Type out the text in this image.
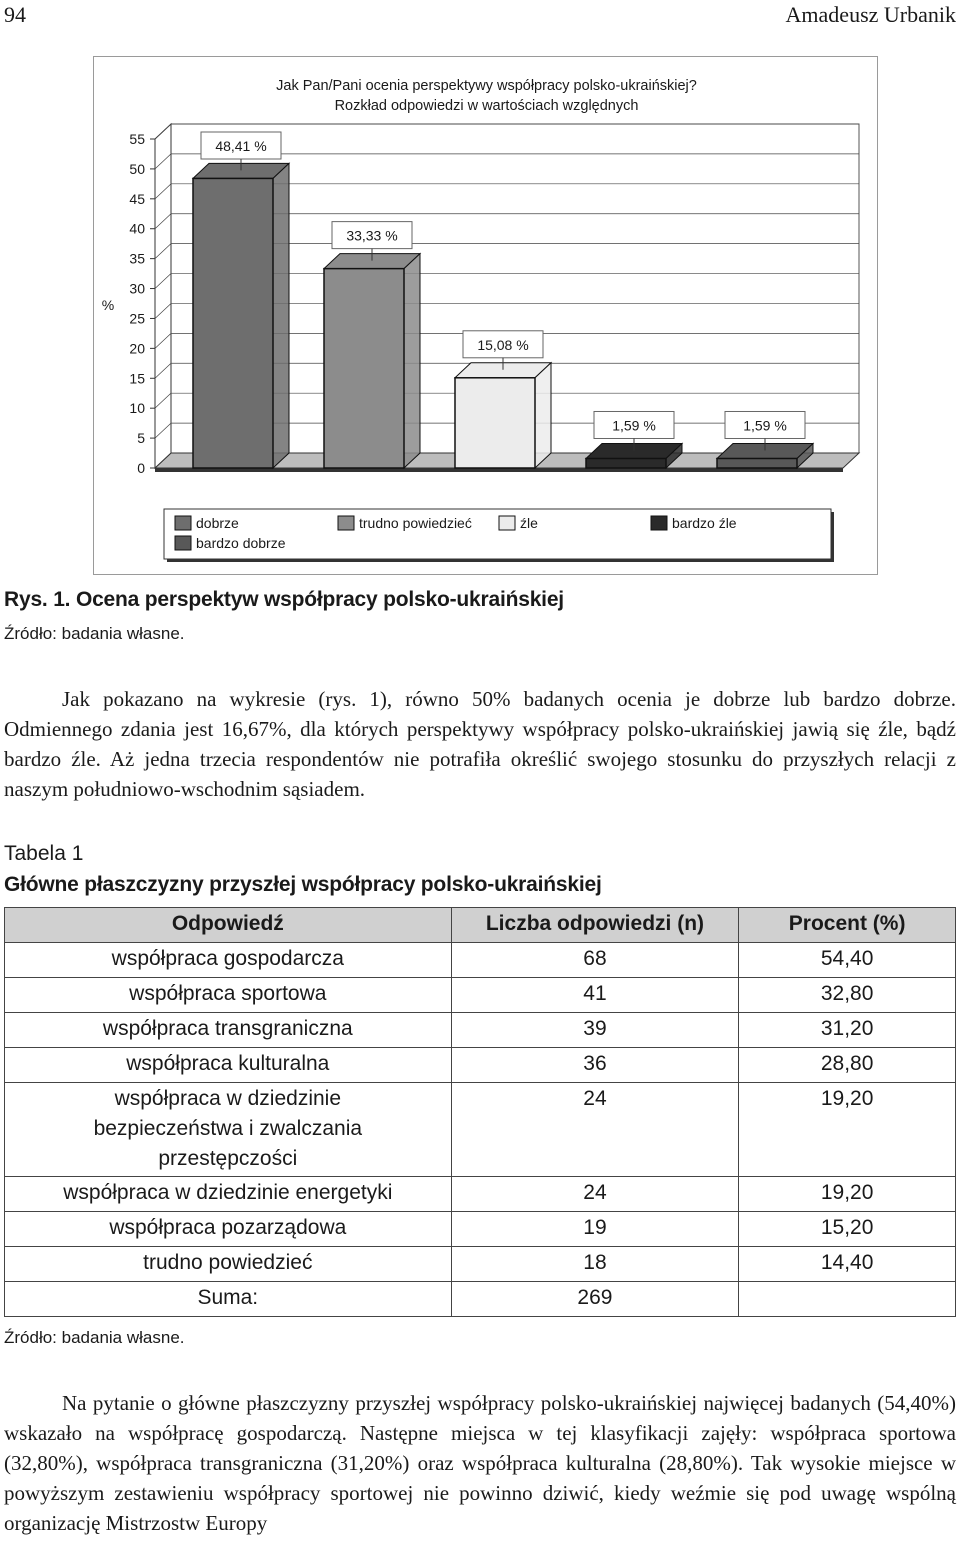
94	Amadeusz Urbanik
Jak Pan/Pani ocenia perspektywy współpracy polsko-ukraińskiej?
Rozkład odpowiedzi w wartościach względnych
0
5
10
15
20
25
30
35
40
45
50
55
%
48,41 %
33,33 %
15,08 %
1,59 %	1,59 %
dobrze	trudno powiedzieć	źle	bardzo źle
bardzo dobrze
Rys. 1. Ocena perspektyw współpracy polsko-ukraińskiej
Źródło: badania własne.

Jak pokazano na wykresie (rys. 1), równo 50% badanych ocenia je dobrze lub bardzo dobrze. Odmiennego zdania jest 16,67%, dla których perspektywy współpracy polsko-ukraińskiej jawią się źle, bądź bardzo źle. Aż jedna trzecia respondentów nie potrafiła określić swojego stosunku do przyszłych relacji z naszym południowo-wschodnim sąsiadem.

Tabela 1
Główne płaszczyzny przyszłej współpracy polsko-ukraińskiej
Odpowiedź	Liczba odpowiedzi (n)	Procent (%)
współpraca gospodarcza	68	54,40
współpraca sportowa	41	32,80
współpraca transgraniczna	39	31,20
współpraca kulturalna	36	28,80
współpraca w dziedzinie bezpieczeństwa i zwalczania przestępczości	24	19,20
współpraca w dziedzinie energetyki	24	19,20
współpraca pozarządowa	19	15,20
trudno powiedzieć	18	14,40
Suma:	269	
Źródło: badania własne.

Na pytanie o główne płaszczyzny przyszłej współpracy polsko-ukraińskiej najwięcej badanych (54,40%) wskazało na współpracę gospodarczą. Następne miejsca w tej klasyfikacji zajęły: współpraca sportowa (32,80%), współpraca transgraniczna (31,20%) oraz współpraca kulturalna (28,80%). Tak wysokie miejsce w powyższym zestawieniu współpracy sportowej nie powinno dziwić, kiedy weźmie się pod uwagę wspólną organizację Mistrzostw Europy
